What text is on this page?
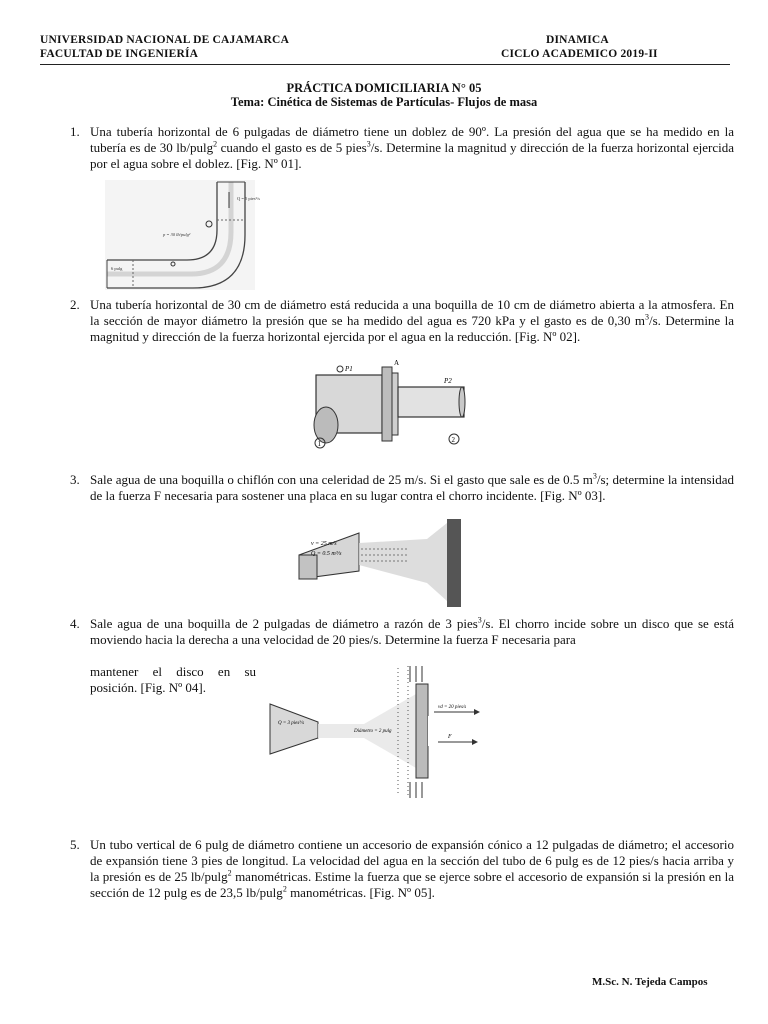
UNIVERSIDAD NACIONAL DE CAJAMARCA
FACULTAD DE INGENIERÍA
DINAMICA
CICLO ACADEMICO 2019-II
PRÁCTICA DOMICILIARIA N° 05
Tema: Cinética de Sistemas de Partículas- Flujos de masa
1. Una tubería horizontal de 6 pulgadas de diámetro tiene un doblez de 90º. La presión del agua que se ha medido en la tubería es de 30 lb/pulg$^2$ cuando el gasto es de 5 pies$^3$/s. Determine la magnitud y dirección de la fuerza horizontal ejercida por el agua sobre el doblez. [Fig. Nº 01].
Q = 5 pies³/s
p = 30 lb/pulg²
6 pulg
2. Una tubería horizontal de 30 cm de diámetro está reducida a una boquilla de 10 cm de diámetro abierta a la atmosfera. En la sección de mayor diámetro la presión que se ha medido del agua es 720 kPa y el gasto es de 0,30 $m^3/s$. Determine la magnitud y dirección de la fuerza horizontal ejercida por el agua en la reducción. [Fig. Nº 02].
P1
P2
A
1	2
3. Sale agua de una boquilla o chiflón con una celeridad de 25 m/s. Si el gasto que sale es de 0.5 $m^3/s$; determine la intensidad de la fuerza F necesaria para sostener una placa en su lugar contra el chorro incidente. [Fig. Nº 03].
v = 25 m/s
Q = 0.5 m³/s
4. Sale agua de una boquilla de 2 pulgadas de diámetro a razón de 3 pies$^3$/s. El chorro incide sobre un disco que se está moviendo hacia la derecha a una velocidad de 20 pies/s. Determine la fuerza F necesaria para
mantener el disco en su
posición. [Fig. Nº 04].
vd = 20 pies/s
F
Q = 3 pies³/s
Diámetro = 2 pulg
5. Un tubo vertical de 6 pulg de diámetro contiene un accesorio de expansión cónico a 12 pulgadas de diámetro; el accesorio de expansión tiene 3 pies de longitud. La velocidad del agua en la sección del tubo de 6 pulg es de 12 pies/s hacia arriba y la presión es de 25 lb/pulg$^2$ manométricas. Estime la fuerza que se ejerce sobre el accesorio de expansión si la presión en la sección de 12 pulg es de 23,5 lb/pulg$^2$ manométricas. [Fig. Nº 05].
M.Sc. N. Tejeda Campos
